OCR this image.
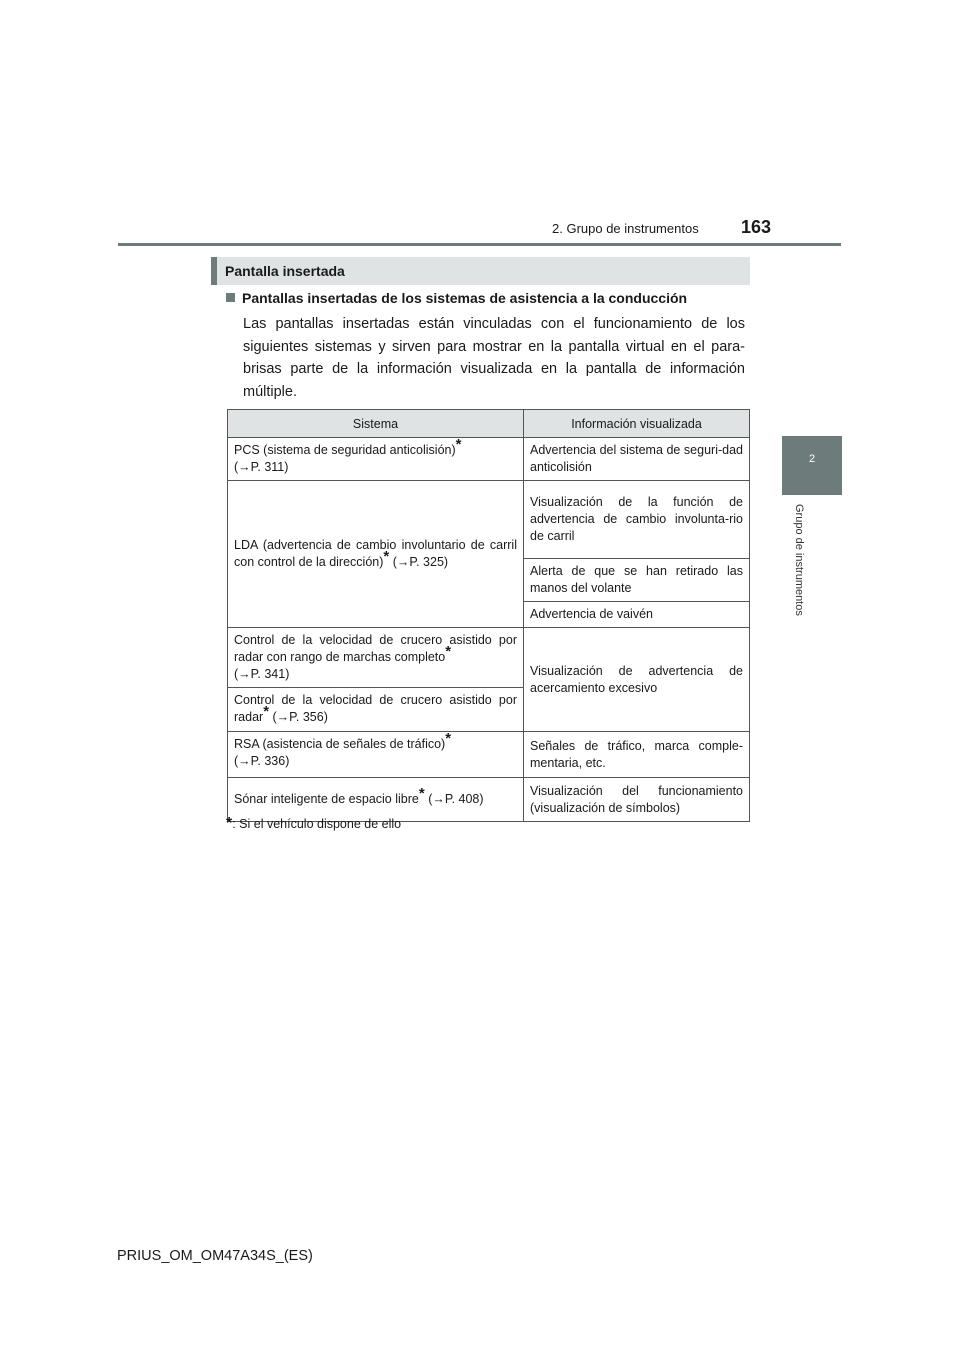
2. Grupo de instrumentos 163
2
Grupo de instrumentos
Pantalla insertada
Pantallas insertadas de los sistemas de asistencia a la conducción
Las pantallas insertadas están vinculadas con el funcionamiento de los siguientes sistemas y sirven para mostrar en la pantalla virtual en el para-brisas parte de la información visualizada en la pantalla de información múltiple.
Sistema	Información visualizada
PCS (sistema de seguridad anticolisión)*
(→P. 311)	Advertencia del sistema de seguri-dad anticolisión
LDA (advertencia de cambio involuntario de carril con control de la dirección)* (→P. 325)	Visualización de la función de advertencia de cambio involunta-rio de carril
	Alerta de que se han retirado las manos del volante
	Advertencia de vaivén
Control de la velocidad de crucero asistido por radar con rango de marchas completo*
(→P. 341)	Visualización de advertencia de acercamiento excesivo
Control de la velocidad de crucero asistido por radar* (→P. 356)	
RSA (asistencia de señales de tráfico)*
(→P. 336)	Señales de tráfico, marca comple-mentaria, etc.
Sónar inteligente de espacio libre* (→P. 408)	Visualización del funcionamiento (visualización de símbolos)
*: Si el vehículo dispone de ello
PRIUS_OM_OM47A34S_(ES)
